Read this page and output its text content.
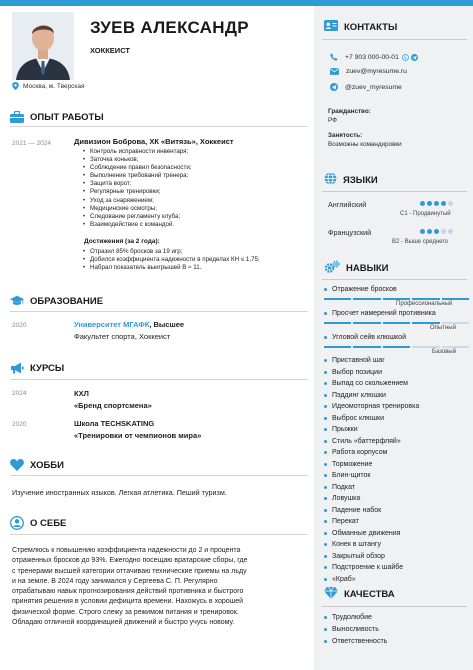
ЗУЕВ АЛЕКСАНДР
ХОККЕИСТ
Москва, м. Тверская
ОПЫТ РАБОТЫ
2021 — 2024	Дивизион Боброва, ХК «Витязь», Хоккеист
• Контроль исправности инвентаря;
• Заточка коньков;
• Соблюдение правил безопасности;
• Выполнение требований тренера;
• Защита ворот;
• Регулярные тренировки;
• Уход за снаряжением;
• Медицинские осмотры;
• Следование регламенту клуба;
• Взаимодействие с командой.
Достижения (за 2 года):
• Отразил 85% бросков за 19 игр;
• Добился коэффициента надежности в пределах КН ≤ 1,75;
• Набрал показатель выигрышей В ≈ 11.
ОБРАЗОВАНИЕ
2020	Университет МГАФК, Высшее
Факультет спорта, Хоккеист
КУРСЫ
2024	КХЛ
«Бренд спортсмена»
2020	Школа TECHSKATING
«Тренировки от чемпионов мира»
ХОББИ
Изучение иностранных языков. Легкая атлетика. Пеший туризм.
О СЕБЕ
Стремлюсь к повышению коэффициента надежности до 2 и процента
отраженных бросков до 93%. Ежегодно посещаю вратарские сборы, где
с тренерами высшей категории оттачиваю технические приемы на льду
и на земле. В 2024 году занимался у Сергеева С. П. Регулярно
отрабатываю навык прогнозирования действий противника и быстрого
принятия решения в условии дефицита времени. Нахожусь в хорошей
физической форме. Строго слежу за режимом питания и тренировок.
Обладаю отличной координацией движений и быстро учусь новому.
КОНТАКТЫ
+7 903 000-00-01
zuev@myresume.ru
@zuev_myresume
Гражданство:
РФ
Занятость:
Возможны командировки
ЯЗЫКИ
Английский
C1 - Продвинутый
Французский
B2 - Выше среднего
НАВЫКИ
Отражение бросков
Профессиональный
Просчет намерений противника
Опытный
Угловой сейв клюшкой
Базовый
Приставной шаг
Выбор позиции
Выпад со скольжением
Пэддинг клюшки
Идеомоторная тренировка
Выброс клюшки
Прыжки
Стиль «баттерфляй»
Работа корпусом
Торможение
Блин-щиток
Подкат
Ловушка
Падение набок
Перекат
Обманные движения
Конек в штангу
Закрытый обзор
Подстроение к шайбе
«Краб»
КАЧЕСТВА
Трудолюбие
Выносливость
Ответственность
